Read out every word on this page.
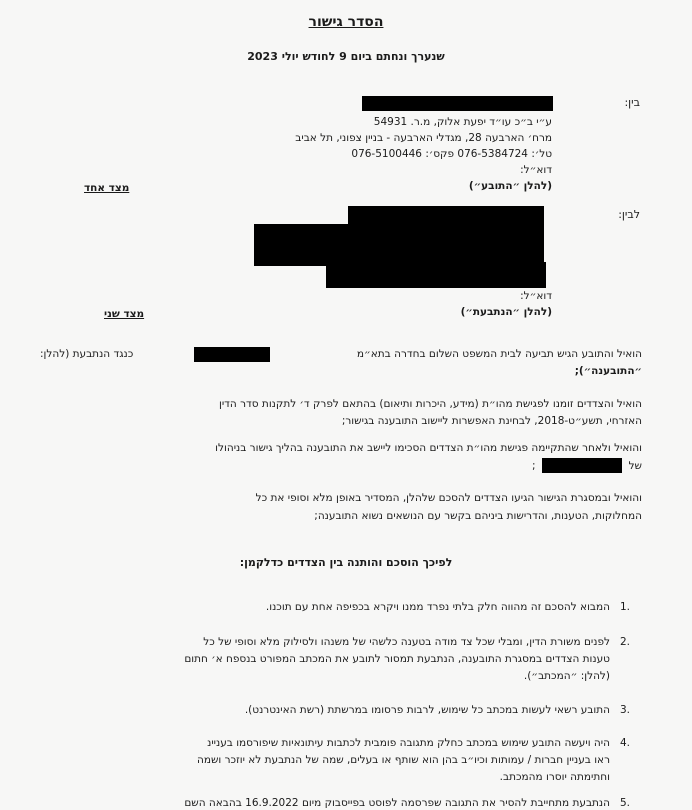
הסדר גישור
שנערך ונחתם ביום 9 לחודש יולי 2023
בין:
ע״י ב״כ עו״ד יפעת אלוק, מ.ר. 54931
מרח׳ הארבעה 28, מגדלי הארבעה - בניין צפוני, תל אביב
טל׳: 076-5384724 פקס׳: 076-5100446
דוא״ל:
(להלן ״התובע״)
מצד אחד
לבין:
דוא״ל:
(להלן ״הנתבעת״)
מצד שני
הואיל והתובע הגיש תביעה לבית המשפט השלום בחדרה בתא״מ
כנגד הנתבעת (להלן:
״התובענה״);
הואיל והצדדים זומנו לפגישת מהו״ת (מידע, היכרות ותיאום) בהתאם לפרק ד׳ לתקנות סדר הדין
האזרחי, תשע״ט-2018, לבחינת האפשרות ליישוב התובענה בגישור;
והואיל ולאחר שהתקיימה פגישת מהו״ת הצדדים הסכימו ליישב את התובענה בהליך גישור בניהולו
של
;
והואיל ובמסגרת הגישור הגיעו הצדדים להסכם שלהלן, המסדיר באופן מלא וסופי את כל
המחלוקות, הטענות, והדרישות ביניהם בקשר עם הנושאים נשוא התובענה;
לפיכך הוסכם והותנה בין הצדדים כדלקמן:
1.
המבוא להסכם זה מהווה חלק בלתי נפרד ממנו ויקרא בכפיפה אחת עם תוכנו.
2.
לפנים משורת הדין, ומבלי שכל צד מודה בטענה כלשהי של משנהו ולסילוק מלא וסופי של כל
טענות הצדדים במסגרת התובענה, הנתבעת תמסור לתובע את המכתב המפורט בנספח א׳ חתום
(להלן: ״המכתב״).
3.
התובע רשאי לעשות במכתב כל שימוש, לרבות פרסומו במרשתת (רשת האינטרנט).
4.
היה ויעשה התובע שימוש במכתב כחלק מתגובה פומבית לכתבות עיתונאיות שיפורסמו בעניינ
ראו בעניין חברות / עמותות וכיו״ב בהן הוא שותף או בעלים, שמה של הנתבעת לא יוזכר ושמה
וחתימתה יוסרו מהמכתב.
5.
הנתבעת מתחייבת להסיר את התגובה שפרסמה לפוסט בפייסבוק מיום 16.9.2022 בהבאה השם
